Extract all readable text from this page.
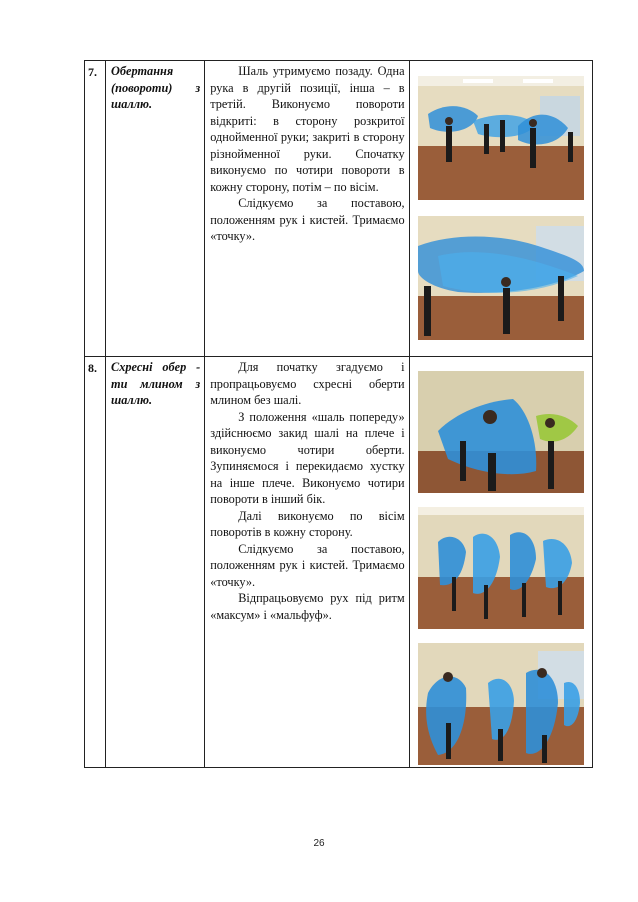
7.	Обертання (повороти) з шаллю.	Шаль утримуємо позаду. Одна рука в другій позиції, інша – в третій. Виконуємо повороти відкриті: в сторону розкритої однойменної руки; закриті в сторону різнойменної руки. Спочатку виконуємо по чотири повороти в кожну сторону, потім – по вісім.

Слідкуємо за поставою, положенням рук і кистей. Тримаємо «точку».

8.	Схресні обер - ти млином з шаллю.	Для початку згадуємо і пропрацьовуємо схресні оберти млином без шалі.

З положення «шаль попереду» здійснюємо закид шалі на плече і виконуємо чотири оберти. Зупиняємося і перекидаємо хустку на інше плече. Виконуємо чотири повороти в інший бік.

Далі виконуємо по вісім поворотів в кожну сторону.

Слідкуємо за поставою, положенням рук і кистей. Тримаємо «точку».

Відпрацьовуємо рух під ритм «максум» і «мальфуф».

26
